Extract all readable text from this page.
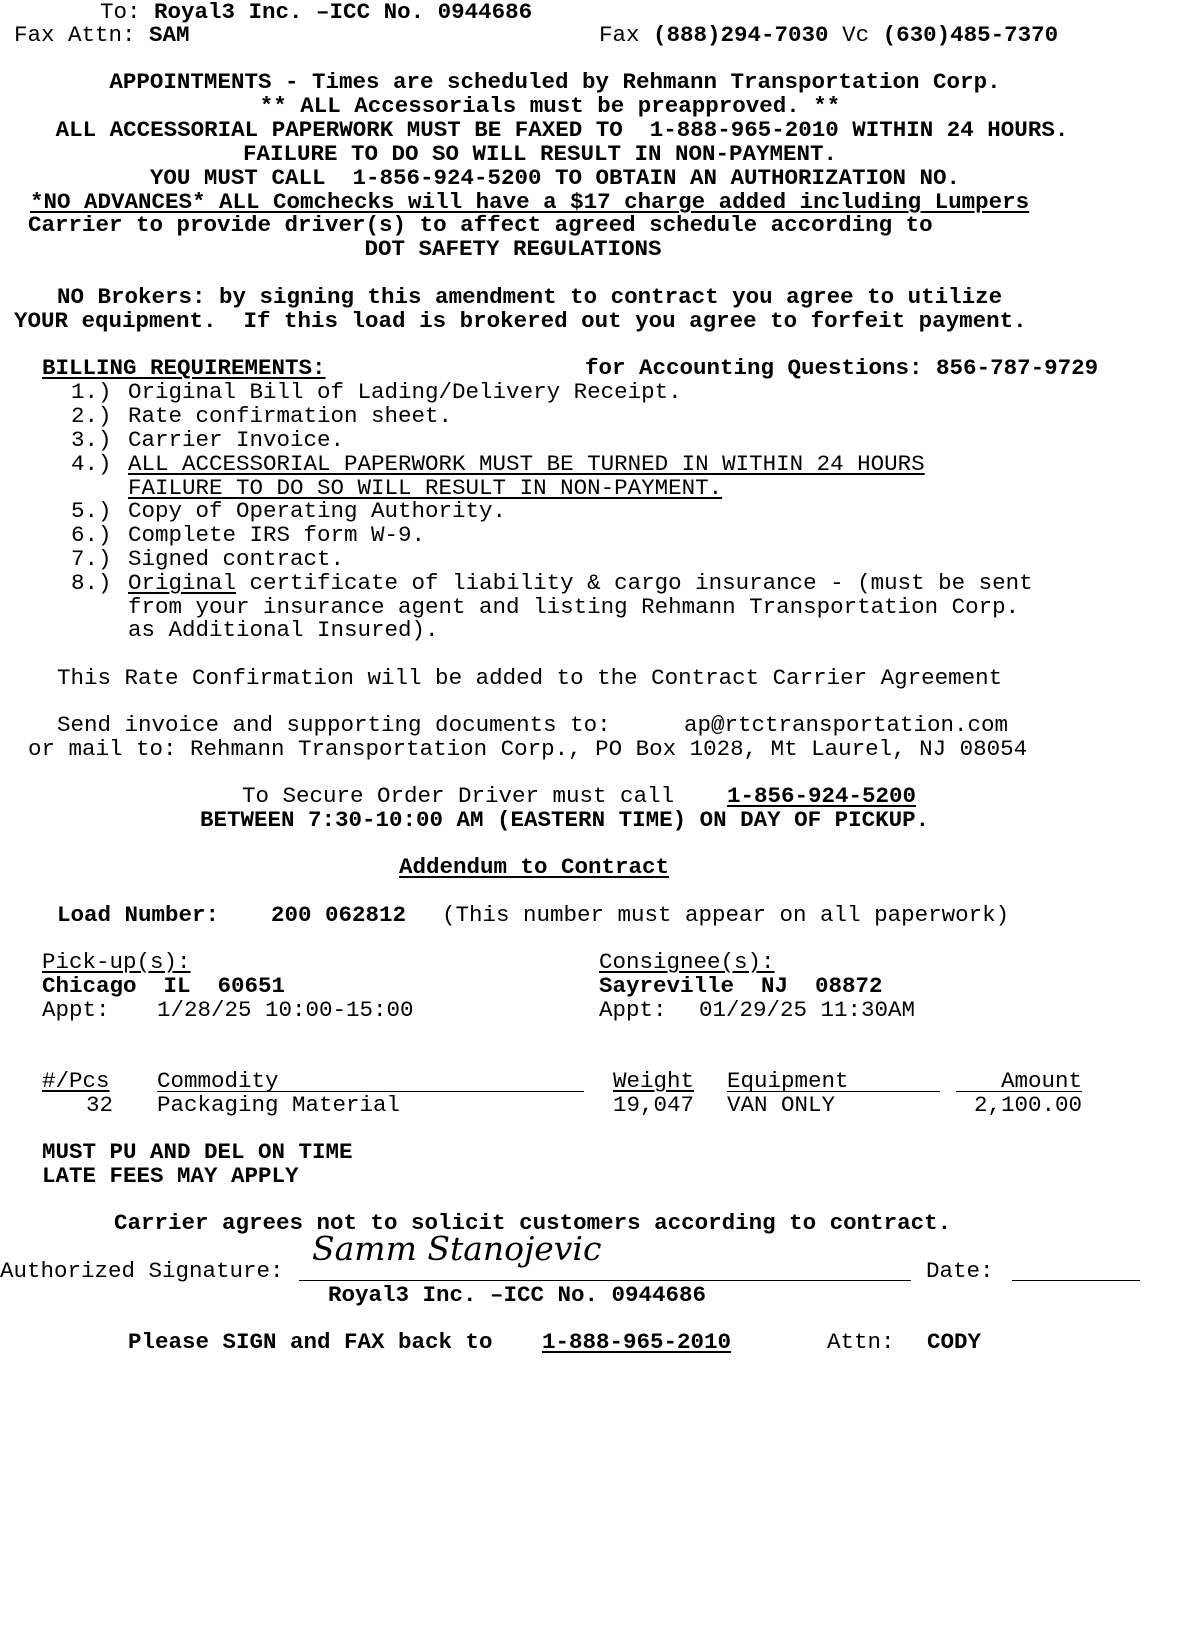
To: Royal3 Inc. –ICC No. 0944686
Fax Attn: SAM	Fax (888)294-7030 Vc (630)485-7370
APPOINTMENTS - Times are scheduled by Rehmann Transportation Corp.
** ALL Accessorials must be preapproved. **
ALL ACCESSORIAL PAPERWORK MUST BE FAXED TO  1-888-965-2010 WITHIN 24 HOURS.
FAILURE TO DO SO WILL RESULT IN NON-PAYMENT.
YOU MUST CALL  1-856-924-5200 TO OBTAIN AN AUTHORIZATION NO.
*NO ADVANCES* ALL Comchecks will have a $17 charge added including Lumpers
Carrier to provide driver(s) to affect agreed schedule according to
DOT SAFETY REGULATIONS
NO Brokers: by signing this amendment to contract you agree to utilize
YOUR equipment.  If this load is brokered out you agree to forfeit payment.
BILLING REQUIREMENTS:	for Accounting Questions: 856-787-9729
1.) Original Bill of Lading/Delivery Receipt.
2.) Rate confirmation sheet.
3.) Carrier Invoice.
4.) ALL ACCESSORIAL PAPERWORK MUST BE TURNED IN WITHIN 24 HOURS
FAILURE TO DO SO WILL RESULT IN NON-PAYMENT.
5.) Copy of Operating Authority.
6.) Complete IRS form W-9.
7.) Signed contract.
8.) Original certificate of liability & cargo insurance - (must be sent
from your insurance agent and listing Rehmann Transportation Corp.
as Additional Insured).
This Rate Confirmation will be added to the Contract Carrier Agreement
Send invoice and supporting documents to:	ap@rtctransportation.com
or mail to: Rehmann Transportation Corp., PO Box 1028, Mt Laurel, NJ 08054
To Secure Order Driver must call 1-856-924-5200
BETWEEN 7:30-10:00 AM (EASTERN TIME) ON DAY OF PICKUP.
Addendum to Contract
Load Number: 200 062812 (This number must appear on all paperwork)
Pick-up(s):
Chicago  IL  60651
Appt: 1/28/25 10:00-15:00
Consignee(s):
Sayreville  NJ  08872
Appt: 01/29/25 11:30AM
#/Pcs Commodity	Weight Equipment	Amount
32 Packaging Material	19,047 VAN ONLY	2,100.00
MUST PU AND DEL ON TIME
LATE FEES MAY APPLY
Carrier agrees not to solicit customers according to contract.
Authorized Signature:
Samm Stanojevic
Date:
Royal3 Inc. –ICC No. 0944686
Please SIGN and FAX back to 1-888-965-2010	Attn: CODY
